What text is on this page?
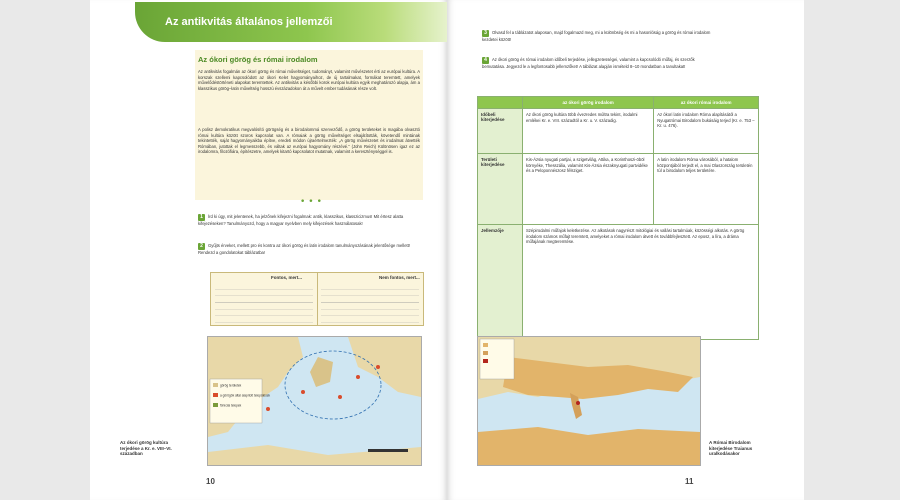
Az antikvitás általános jellemzői
Az ókori görög és római irodalom
Az antikvitás fogalmán az ókori görög és római műveltséget, tudományt, valamint művészetet érti az európai kultúra. A korszak szellemi kapcsolódott az ókori Kelet hagyományaihoz, de új tartalmakat, formákat teremtett, amelyek művelődéstörténeti alapokat teremtettek. Az antikvitás a későbbi korok európai kultúra egyik meghatározó alapja, ám a klasszikus görög–latin műveltség hosszú évszázadokon át a művelt ember tudásának része volt.
A polisz demokratikus megvalósító görögség és a birodalommá szerveződő, a görög területeket is magába olvasztó római kultúra között szoros kapcsolat van. A rómaiak a görög műveltséget elsajátították, követendő mintának tekintették, saját hagyományaikba építve, eredeti módon újraértelmezték: „A görög művészetet és irodalmat átvették Rómában, jutottak el legmesszebb, és váltak az európai hagyomány részévé.” (John Reich) Különösen igaz ez az irodalomra, filozófiára, építészetre, amelyek kitartó kapcsolatot mutatnak, valamint a kereszténységgel is.
•••
1 Írd ki úgy, mit jelentenek, ha jelzőnek kifejezni fogalmak: antik, klasszikus, klasszicizmus! Mit értesz alatta kifejezéseken? Tanulmányozd, hogy a magyar nyelvben mely kifejezések használatosak!
2 Gyűjts érveket, mellett pro és kontra az ókori görög és latin irodalom tanulmányozásának jelentősége mellett! Rendezd a gondolatokat táblázatba!
Fontos, mert...	Nem fontos, mert...
görög területek
a görögök által alapított települések
föníciai telepek
Az ókori görög kultúra terjedése a Kr. e. VIII–VI. században
10
3 Olvasd fel a táblázatot alaposan, majd fogalmazd meg, mi a különbség és mi a hasonlóság a görög és római irodalom kezdetei között!
4 Az ókori görög és római irodalom időbeli terjedése, jellegzetességei, valamint a kapcsolódó műfaj, és szerzők bemutatása. Jegyezd le a legfontosabb jellemzőket! A táblázat alapján ismételd 8–10 mondatban a tanultakat!
	az ókori görög irodalom	az ókori római irodalom
Időbeli kiterjedése	Az ókori görög kultúra több évezredes múltra tekint, irodalmi emlékei Kr. e. VIII. századtól a Kr. u. V. századig.	Az ókori latin irodalom Róma alapításától a Nyugatrómai Birodalom bukásáig terjed (Kr. e. 753 – Kr. u. 476).
Területi kiterjedése	Kis-Ázsia nyugati partjai, a szigetvilág, Attika, a Korinthoszi-öböl környéke, Thesszália, valamint Kis-Ázsia északnyugati partvidéke és a Peloponnészosz félsziget.	A latin irodalom Róma városából, a hatalom központjából terjedt el, a mai Olaszország területén túl a birodalom teljes területére.
Jellemzője	Szépirodalmi műfajok keletkezése. Az alkotások nagyrészt mitológiai és vallási tartalmúak, közösségi alkotás. A görög irodalom számos műfajt teremtett, amelyeket a római irodalom átvett és továbbfejlesztett. Az eposz, a líra, a dráma műfajának megteremtése.	
A Római Birodalom kiterjedése Traianus uralkodásakor
11
